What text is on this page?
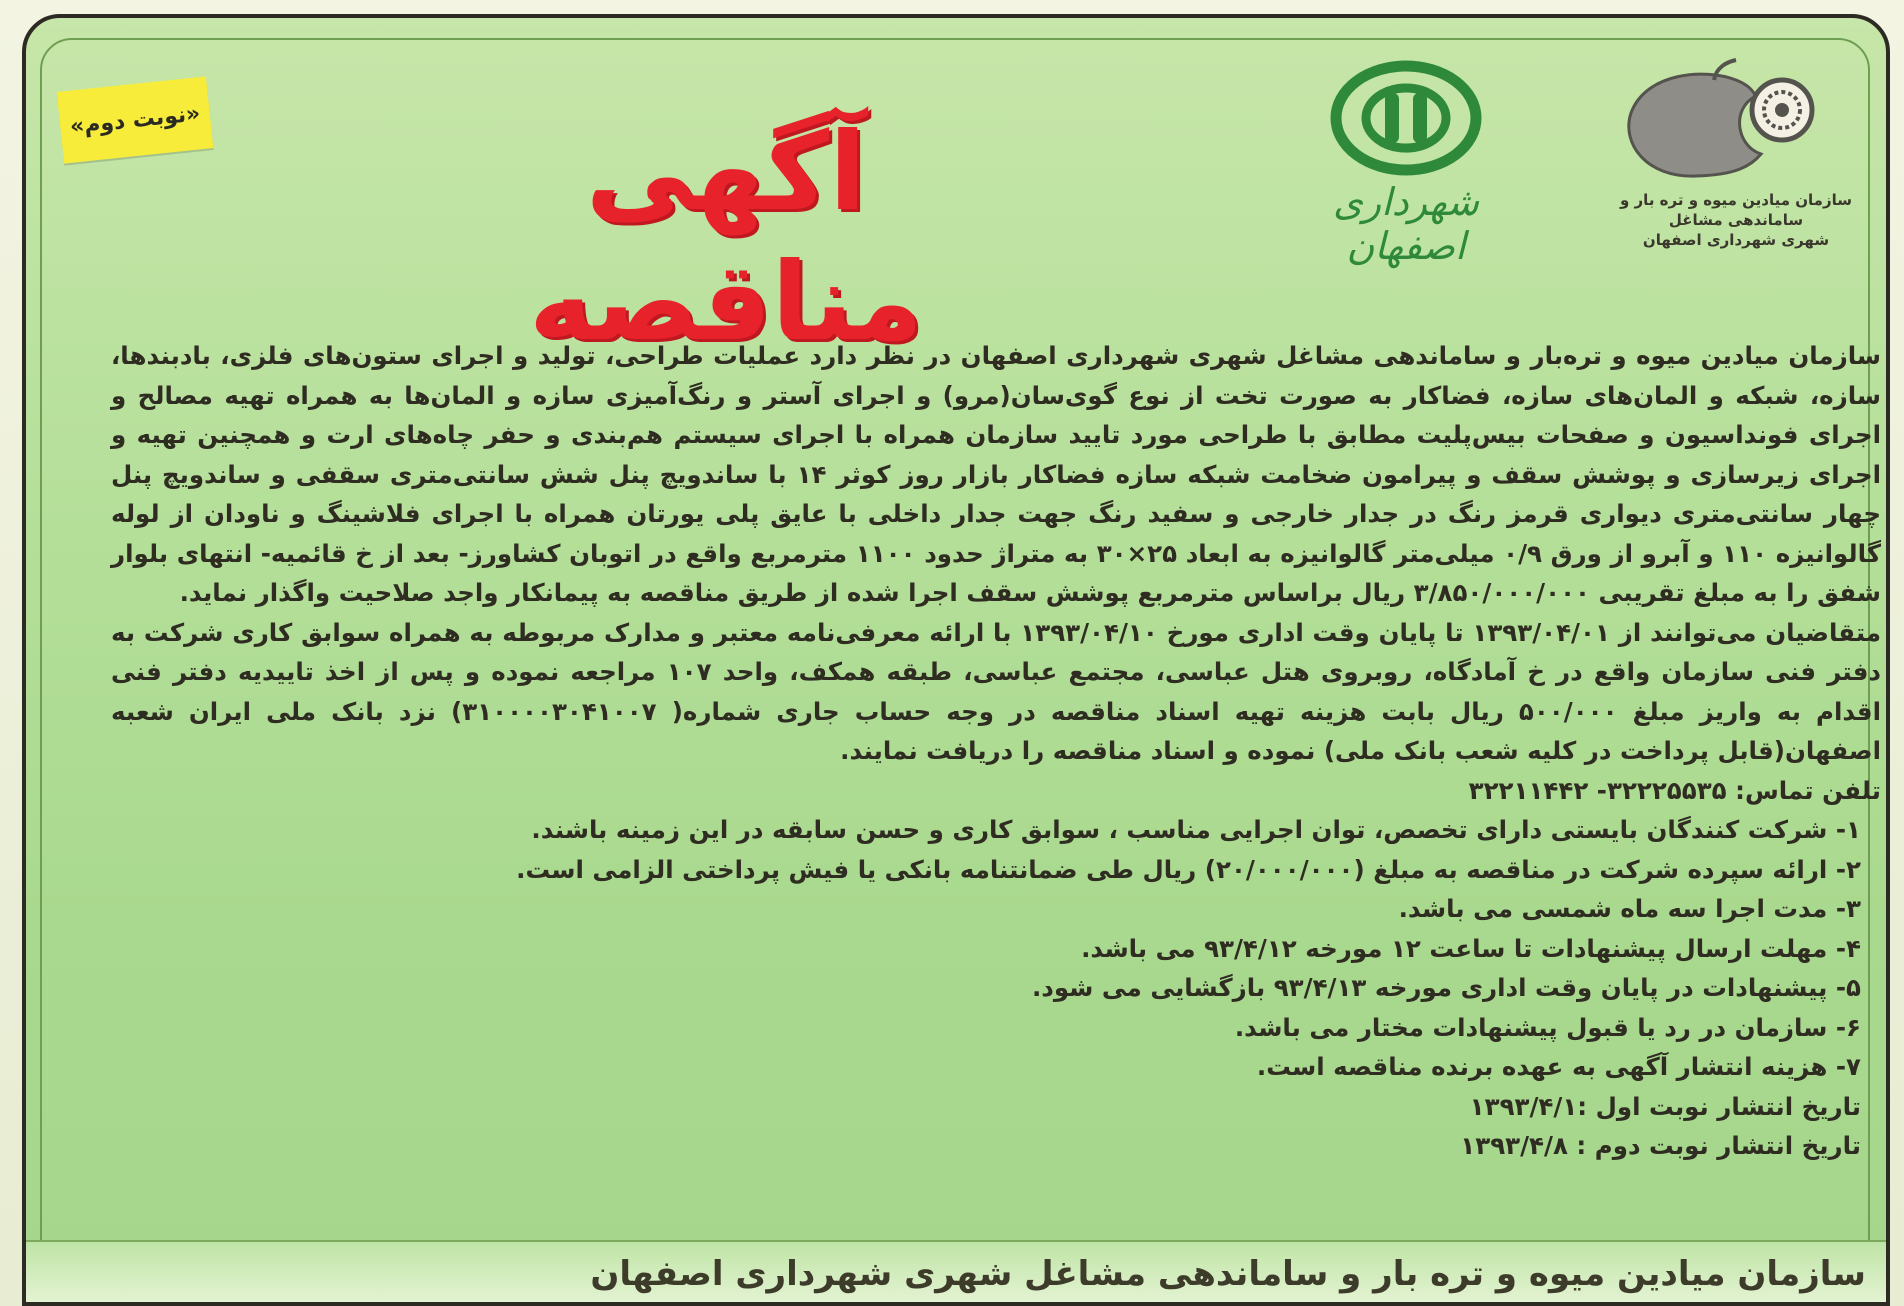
«نوبت دوم»	آگهی مناقصه
شهرداری اصفهان
سازمان میادین میوه و تره بار و ساماندهی مشاغل
شهری شهرداری اصفهان

سازمان میادین میوه و تره‌بار و ساماندهی مشاغل شهری شهرداری اصفهان در نظر دارد عملیات طراحی، تولید و اجرای ستون‌های فلزی، بادبندها، سازه، شبکه و المان‌های سازه، فضاکار به صورت تخت از نوع گوی‌سان(مرو) و اجرای آستر و رنگ‌آمیزی سازه و المان‌ها به همراه تهیه مصالح و اجرای فونداسیون و صفحات بیس‌پلیت مطابق با طراحی مورد تایید سازمان همراه با اجرای سیستم هم‌بندی و حفر چاه‌های ارت و همچنین تهیه و اجرای زیرسازی و پوشش سقف و پیرامون ضخامت شبکه سازه فضاکار بازار روز کوثر ۱۴ با ساندویچ پنل شش سانتی‌متری سقفی و ساندویچ پنل چهار سانتی‌متری دیواری قرمز رنگ در جدار خارجی و سفید رنگ جهت جدار داخلی با عایق پلی یورتان همراه با اجرای فلاشینگ و ناودان از لوله گالوانیزه ۱۱۰ و آبرو از ورق ۰/۹ میلی‌متر گالوانیزه به ابعاد ۲۵×۳۰ به متراژ حدود ۱۱۰۰ مترمربع واقع در اتوبان کشاورز- بعد از خ قائمیه- انتهای بلوار شفق را به مبلغ تقریبی ۳/۸۵۰/۰۰۰/۰۰۰ ریال براساس مترمربع پوشش سقف اجرا شده از طریق مناقصه به پیمانکار واجد صلاحیت واگذار نماید.

متقاضیان می‌توانند از ۱۳۹۳/۰۴/۰۱ تا پایان وقت اداری مورخ ۱۳۹۳/۰۴/۱۰ با ارائه معرفی‌نامه معتبر و مدارک مربوطه به همراه سوابق کاری شرکت به دفتر فنی سازمان واقع در خ آمادگاه، روبروی هتل عباسی، مجتمع عباسی، طبقه همکف، واحد ۱۰۷ مراجعه نموده و پس از اخذ تاییدیه دفتر فنی اقدام به واریز مبلغ ۵۰۰/۰۰۰ ریال بابت هزینه تهیه اسناد مناقصه در وجه حساب جاری شماره( ۳۱۰۰۰۰۳۰۴۱۰۰۷) نزد بانک ملی ایران شعبه اصفهان(قابل پرداخت در کلیه شعب بانک ملی) نموده و اسناد مناقصه را دریافت نمایند.

تلفن تماس: ۳۲۲۲۵۵۳۵- ۳۲۲۱۱۴۴۲

۱- شرکت کنندگان بایستی دارای تخصص، توان اجرایی مناسب ، سوابق کاری و حسن سابقه در این زمینه باشند.
۲- ارائه سپرده شرکت در مناقصه به مبلغ (۲۰/۰۰۰/۰۰۰) ریال طی ضمانتنامه بانکی یا فیش پرداختی الزامی است.
۳- مدت اجرا سه ماه شمسی می باشد.
۴- مهلت ارسال پیشنهادات تا ساعت ۱۲ مورخه ۹۳/۴/۱۲ می باشد.
۵- پیشنهادات در پایان وقت اداری مورخه ۹۳/۴/۱۳ بازگشایی می شود.
۶- سازمان در رد یا قبول پیشنهادات مختار می باشد.
۷- هزینه انتشار آگهی به عهده برنده مناقصه است.
تاریخ انتشار نوبت اول :۱۳۹۳/۴/۱
تاریخ انتشار نوبت دوم : ۱۳۹۳/۴/۸
سازمان میادین میوه و تره بار و ساماندهی مشاغل شهری شهرداری اصفهان
